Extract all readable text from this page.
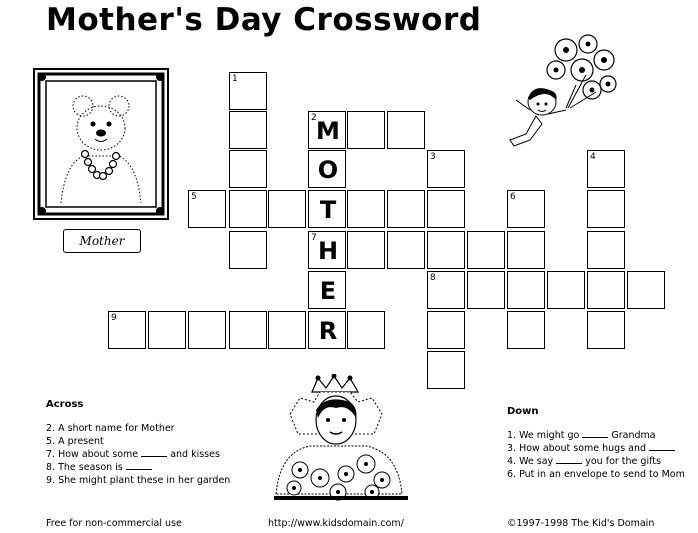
Mother's Day Crossword
Mother
1
2
3	4
5	6
7
8
9
M
O
T
H
E
R
Across
2. A short name for Mother
5. A present
7. How about some	and kisses
8. The season is
9. She might plant these in her garden
Down
1. We might go	Grandma
3. How about some hugs and
4. We say	you for the gifts
6. Put in an envelope to send to Mom
Free for non-commercial use	http://www.kidsdomain.com/	©1997-1998 The Kid's Domain
